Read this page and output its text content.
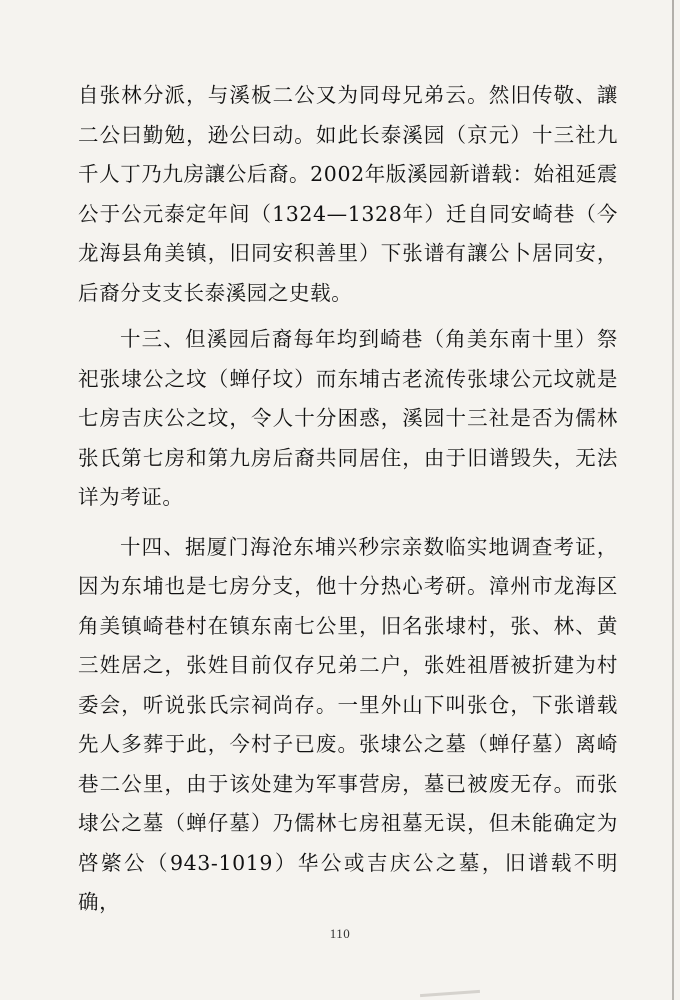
自张林分派，与溪板二公又为同母兄弟云。然旧传敬、讓二公曰勤勉，逊公曰动。如此长泰溪园（京元）十三社九千人丁乃九房讓公后裔。2002年版溪园新谱载：始祖延震公于公元泰定年间（1324—1328年）迁自同安崎巷（今龙海县角美镇，旧同安积善里）下张谱有讓公卜居同安，后裔分支支长泰溪园之史载。

十三、但溪园后裔每年均到崎巷（角美东南十里）祭祀张埭公之坟（蝉仔坟）而东埔古老流传张埭公元坟就是七房吉庆公之坟，令人十分困惑，溪园十三社是否为儒林张氏第七房和第九房后裔共同居住，由于旧谱毁失，无法详为考证。

十四、据厦门海沧东埔兴秒宗亲数临实地调查考证，因为东埔也是七房分支，他十分热心考研。漳州市龙海区角美镇崎巷村在镇东南七公里，旧名张埭村，张、林、黄三姓居之，张姓目前仅存兄弟二户，张姓祖厝被折建为村委会，听说张氏宗祠尚存。一里外山下叫张仓，下张谱载先人多葬于此，今村子已废。张埭公之墓（蝉仔墓）离崎巷二公里，由于该处建为军事营房，墓已被废无存。而张埭公之墓（蝉仔墓）乃儒林七房祖墓无误，但未能确定为啓綮公（943-1019）华公或吉庆公之墓，旧谱载不明确，

110
